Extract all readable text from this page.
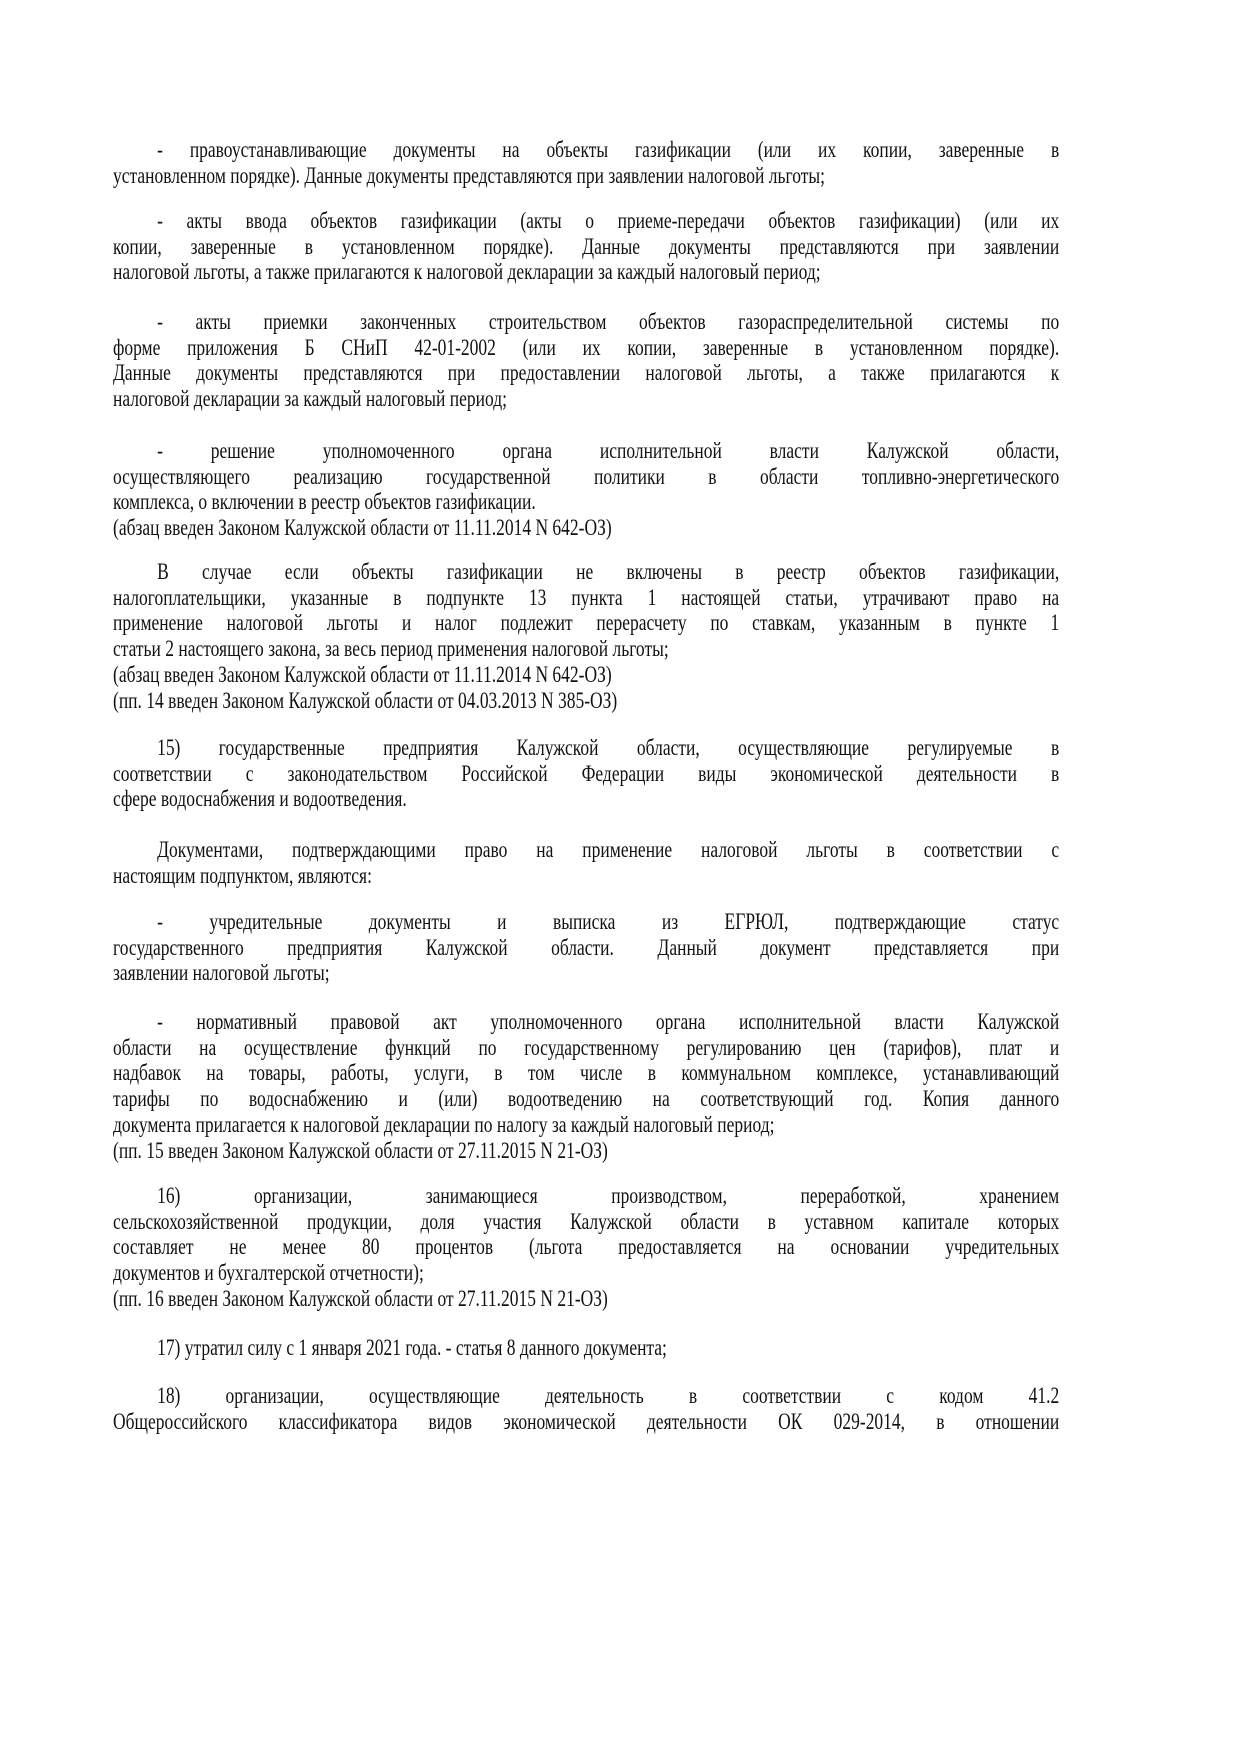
- правоустанавливающие документы на объекты газификации (или их копии, заверенные в
установленном порядке). Данные документы представляются при заявлении налоговой льготы;
- акты ввода объектов газификации (акты о приеме-передачи объектов газификации) (или их
копии, заверенные в установленном порядке). Данные документы представляются при заявлении
налоговой льготы, а также прилагаются к налоговой декларации за каждый налоговый период;
- акты приемки законченных строительством объектов газораспределительной системы по
форме приложения Б СНиП 42-01-2002 (или их копии, заверенные в установленном порядке).
Данные документы представляются при предоставлении налоговой льготы, а также прилагаются к
налоговой декларации за каждый налоговый период;
- решение уполномоченного органа исполнительной власти Калужской области,
осуществляющего реализацию государственной политики в области топливно-энергетического
комплекса, о включении в реестр объектов газификации.
(абзац введен Законом Калужской области от 11.11.2014 N 642-ОЗ)
В случае если объекты газификации не включены в реестр объектов газификации,
налогоплательщики, указанные в подпункте 13 пункта 1 настоящей статьи, утрачивают право на
применение налоговой льготы и налог подлежит перерасчету по ставкам, указанным в пункте 1
статьи 2 настоящего закона, за весь период применения налоговой льготы;
(абзац введен Законом Калужской области от 11.11.2014 N 642-ОЗ)
(пп. 14 введен Законом Калужской области от 04.03.2013 N 385-ОЗ)
15) государственные предприятия Калужской области, осуществляющие регулируемые в
соответствии с законодательством Российской Федерации виды экономической деятельности в
сфере водоснабжения и водоотведения.
Документами, подтверждающими право на применение налоговой льготы в соответствии с
настоящим подпунктом, являются:
- учредительные документы и выписка из ЕГРЮЛ, подтверждающие статус
государственного предприятия Калужской области. Данный документ представляется при
заявлении налоговой льготы;
- нормативный правовой акт уполномоченного органа исполнительной власти Калужской
области на осуществление функций по государственному регулированию цен (тарифов), плат и
надбавок на товары, работы, услуги, в том числе в коммунальном комплексе, устанавливающий
тарифы по водоснабжению и (или) водоотведению на соответствующий год. Копия данного
документа прилагается к налоговой декларации по налогу за каждый налоговый период;
(пп. 15 введен Законом Калужской области от 27.11.2015 N 21-ОЗ)
16) организации, занимающиеся производством, переработкой, хранением
сельскохозяйственной продукции, доля участия Калужской области в уставном капитале которых
составляет не менее 80 процентов (льгота предоставляется на основании учредительных
документов и бухгалтерской отчетности);
(пп. 16 введен Законом Калужской области от 27.11.2015 N 21-ОЗ)
17) утратил силу с 1 января 2021 года. - статья 8 данного документа;
18) организации, осуществляющие деятельность в соответствии с кодом 41.2
Общероссийского классификатора видов экономической деятельности ОК 029-2014, в отношении
